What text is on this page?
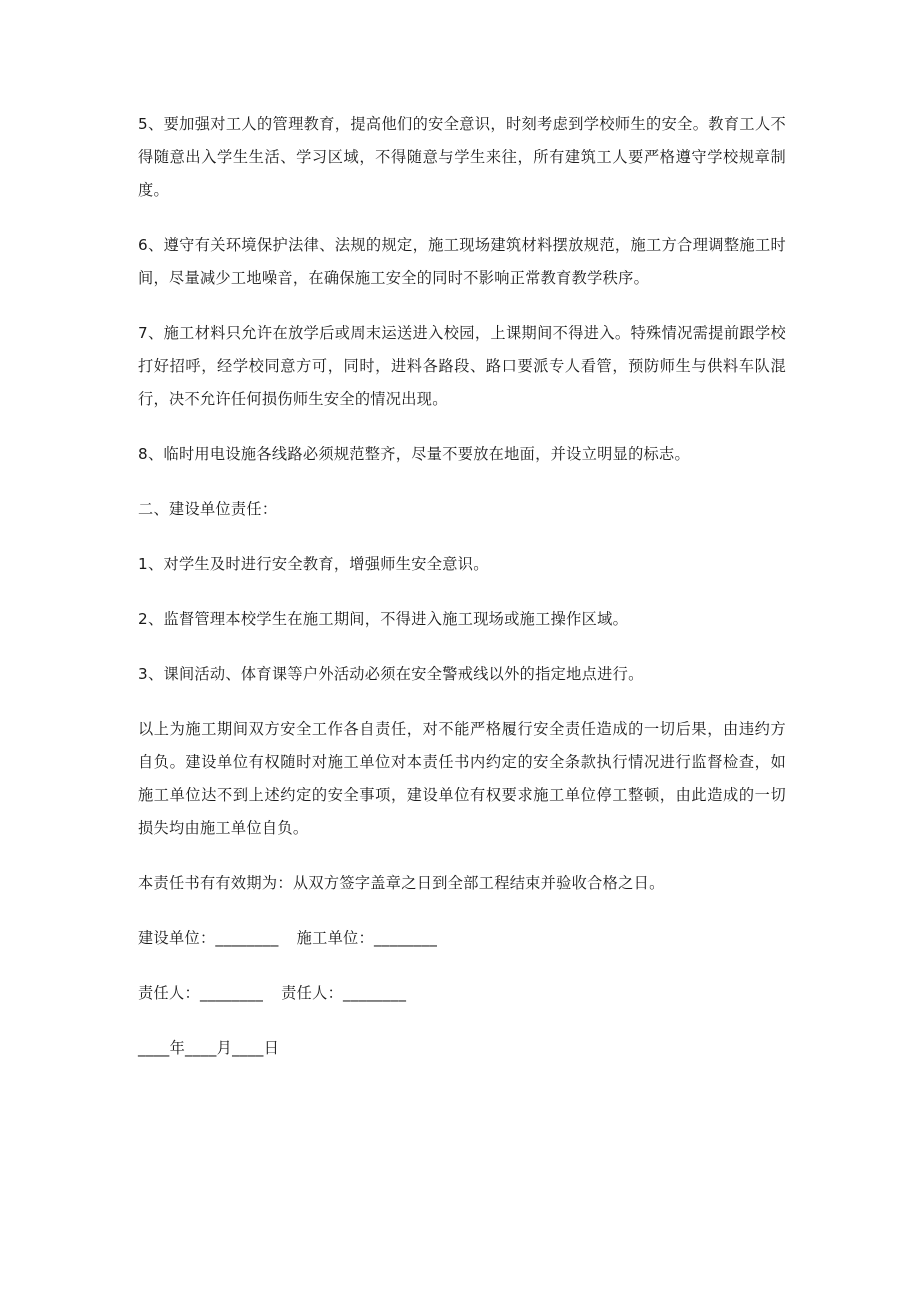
5、要加强对工人的管理教育，提高他们的安全意识，时刻考虑到学校师生的安全。教育工人不得随意出入学生生活、学习区域，不得随意与学生来往，所有建筑工人要严格遵守学校规章制度。

6、遵守有关环境保护法律、法规的规定，施工现场建筑材料摆放规范，施工方合理调整施工时间，尽量减少工地噪音，在确保施工安全的同时不影响正常教育教学秩序。

7、施工材料只允许在放学后或周末运送进入校园，上课期间不得进入。特殊情况需提前跟学校打好招呼，经学校同意方可，同时，进料各路段、路口要派专人看管，预防师生与供料车队混行，决不允许任何损伤师生安全的情况出现。

8、临时用电设施各线路必须规范整齐，尽量不要放在地面，并设立明显的标志。

二、建设单位责任：

1、对学生及时进行安全教育，增强师生安全意识。

2、监督管理本校学生在施工期间，不得进入施工现场或施工操作区域。

3、课间活动、体育课等户外活动必须在安全警戒线以外的指定地点进行。

以上为施工期间双方安全工作各自责任，对不能严格履行安全责任造成的一切后果，由违约方自负。建设单位有权随时对施工单位对本责任书内约定的安全条款执行情况进行监督检查，如施工单位达不到上述约定的安全事项，建设单位有权要求施工单位停工整顿，由此造成的一切损失均由施工单位自负。

本责任书有有效期为：从双方签字盖章之日到全部工程结束并验收合格之日。

建设单位：________ 施工单位：________
责任人：________ 责任人：________
____年____月____日
